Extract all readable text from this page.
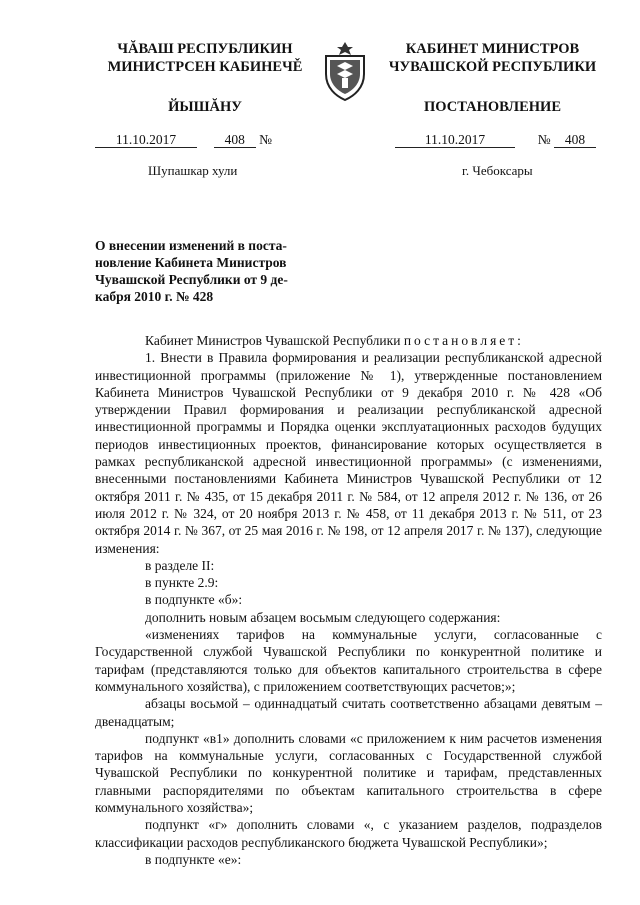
ЧĂВАШ РЕСПУБЛИКИН
МИНИСТРСЕН КАБИНЕЧĚ
КАБИНЕТ МИНИСТРОВ
ЧУВАШСКОЙ РЕСПУБЛИКИ
ЙЫШĂНУ	ПОСТАНОВЛЕНИЕ
11.10.2017	408 №	11.10.2017	№ 408
Шупашкар хули	г. Чебоксары
О внесении изменений в поста-
новление Кабинета Министров
Чувашской Республики от 9 де-
кабря 2010 г. № 428

Кабинет Министров Чувашской Республики постановляет:

1. Внести в Правила формирования и реализации республиканской адресной инвестиционной программы (приложение № 1), утвержденные постановлением Кабинета Министров Чувашской Республики от 9 декабря 2010 г. № 428 «Об утверждении Правил формирования и реализации республиканской адресной инвестиционной программы и Порядка оценки эксплуатационных расходов будущих периодов инвестиционных проектов, финансирование которых осуществляется в рамках республиканской адресной инвестиционной программы» (с изменениями, внесенными постановлениями Кабинета Министров Чувашской Республики от 12 октября 2011 г. № 435, от 15 декабря 2011 г. № 584, от 12 апреля 2012 г. № 136, от 26 июля 2012 г. № 324, от 20 ноября 2013 г. № 458, от 11 декабря 2013 г. № 511, от 23 октября 2014 г. № 367, от 25 мая 2016 г. № 198, от 12 апреля 2017 г. № 137), следующие изменения:

в разделе II:

в пункте 2.9:

в подпункте «б»:

дополнить новым абзацем восьмым следующего содержания:

«изменениях тарифов на коммунальные услуги, согласованные с Государственной службой Чувашской Республики по конкурентной политике и тарифам (представляются только для объектов капитального строительства в сфере коммунального хозяйства), с приложением соответствующих расчетов;»;

абзацы восьмой – одиннадцатый считать соответственно абзацами девятым – двенадцатым;

подпункт «в1» дополнить словами «с приложением к ним расчетов изменения тарифов на коммунальные услуги, согласованных с Государственной службой Чувашской Республики по конкурентной политике и тарифам, представленных главными распорядителями по объектам капитального строительства в сфере коммунального хозяйства»;

подпункт «г» дополнить словами «, с указанием разделов, подразделов классификации расходов республиканского бюджета Чувашской Республики»;

в подпункте «е»:
